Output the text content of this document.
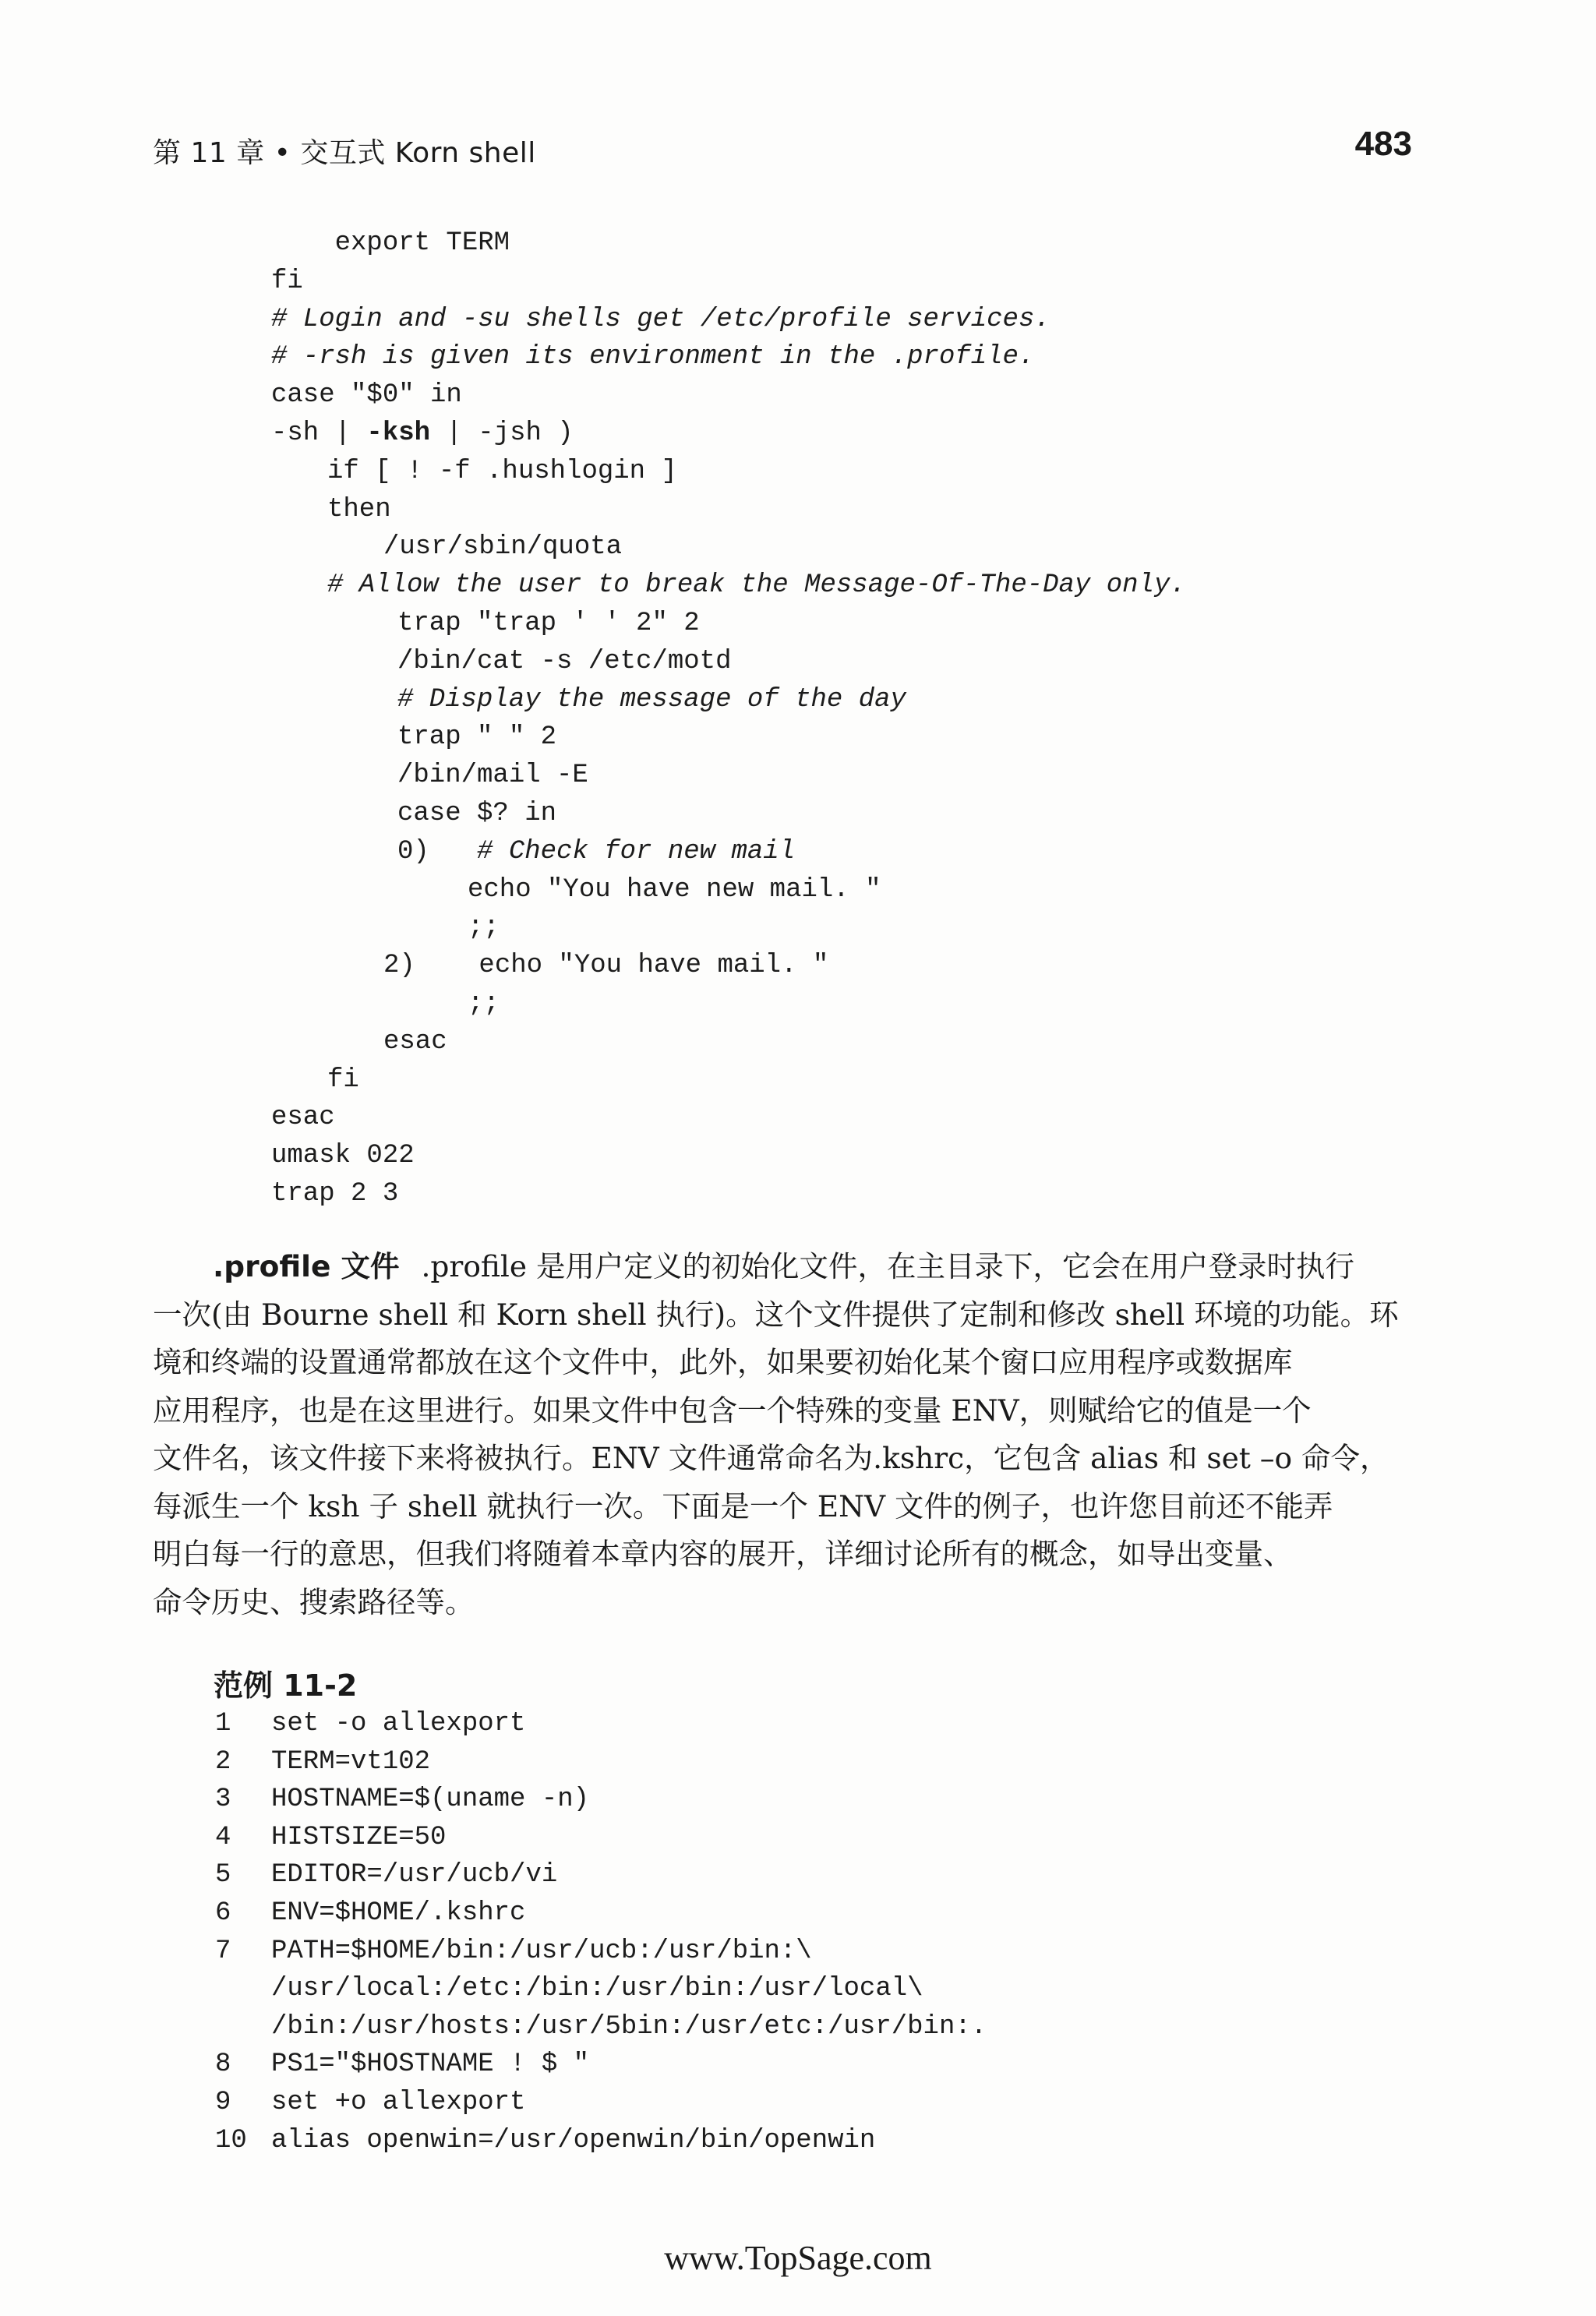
第 11 章 • 交互式 Korn shell	483
export TERM
fi
# Login and -su shells get /etc/profile services.
# -rsh is given its environment in the .profile.
case "$0" in
-sh | -ksh | -jsh )
if [ ! -f .hushlogin ]
then
/usr/sbin/quota
# Allow the user to break the Message-Of-The-Day only.
trap "trap ' ' 2" 2
/bin/cat -s /etc/motd
# Display the message of the day
trap " " 2
/bin/mail -E
case $? in
0)   # Check for new mail
echo "You have new mail. "
;;
2)    echo "You have mail. "
;;
esac
fi
esac
umask 022
trap 2 3
.profile 文件 .profile 是用户定义的初始化文件，在主目录下，它会在用户登录时执行
一次(由 Bourne shell 和 Korn shell 执行)。这个文件提供了定制和修改 shell 环境的功能。环
境和终端的设置通常都放在这个文件中，此外，如果要初始化某个窗口应用程序或数据库
应用程序，也是在这里进行。如果文件中包含一个特殊的变量 ENV，则赋给它的值是一个
文件名，该文件接下来将被执行。ENV 文件通常命名为.kshrc，它包含 alias 和 set –o 命令，
每派生一个 ksh 子 shell 就执行一次。下面是一个 ENV 文件的例子，也许您目前还不能弄
明白每一行的意思，但我们将随着本章内容的展开，详细讨论所有的概念，如导出变量、
命令历史、搜索路径等。
范例 11-2
1 set -o allexport
2 TERM=vt102
3 HOSTNAME=$(uname -n)
4 HISTSIZE=50
5 EDITOR=/usr/ucb/vi
6 ENV=$HOME/.kshrc
7 PATH=$HOME/bin:/usr/ucb:/usr/bin:\
/usr/local:/etc:/bin:/usr/bin:/usr/local\
/bin:/usr/hosts:/usr/5bin:/usr/etc:/usr/bin:.
8 PS1="$HOSTNAME ! $ "
9 set +o allexport
10 alias openwin=/usr/openwin/bin/openwin
www.TopSage.com
